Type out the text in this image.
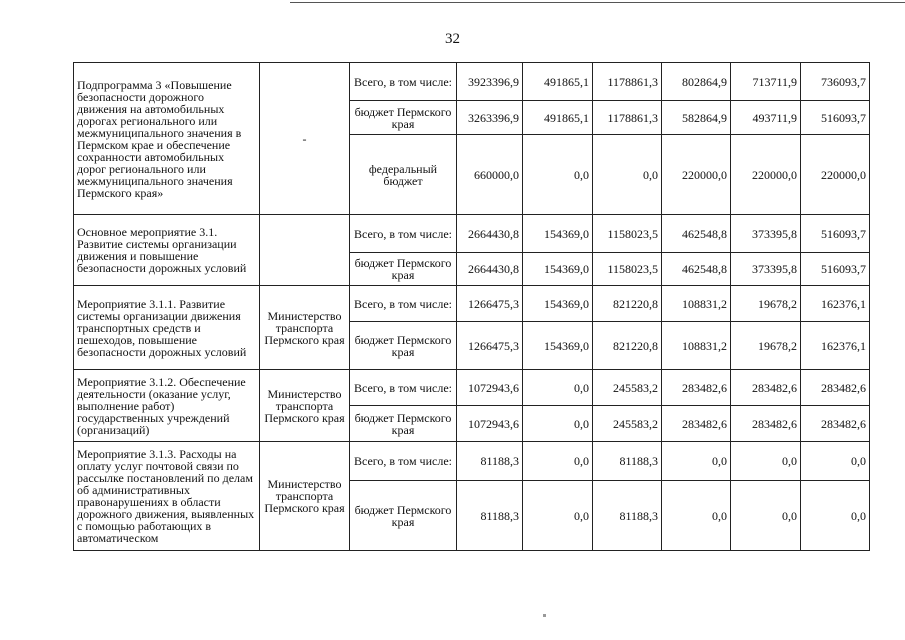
32
Подпрограмма 3 «Повышение безопасности дорожного движения на автомобильных дорогах регионального или межмуниципального значения в Пермском крае и обеспечение сохранности автомобильных дорог регионального или межмуниципального значения Пермского края»	-	Всего, в том числе:	3923396,9	491865,1	1178861,3	802864,9	713711,9	736093,7
		бюджет Пермского края	3263396,9	491865,1	1178861,3	582864,9	493711,9	516093,7
		федеральный бюджет	660000,0	0,0	0,0	220000,0	220000,0	220000,0
Основное мероприятие 3.1. Развитие системы организации движения и повышение безопасности дорожных условий		Всего, в том числе:	2664430,8	154369,0	1158023,5	462548,8	373395,8	516093,7
		бюджет Пермского края	2664430,8	154369,0	1158023,5	462548,8	373395,8	516093,7
Мероприятие 3.1.1. Развитие системы организации движения транспортных средств и пешеходов, повышение безопасности дорожных условий	Министерство транспорта Пермского края	Всего, в том числе:	1266475,3	154369,0	821220,8	108831,2	19678,2	162376,1
		бюджет Пермского края	1266475,3	154369,0	821220,8	108831,2	19678,2	162376,1
Мероприятие 3.1.2. Обеспечение деятельности (оказание услуг, выполнение работ) государственных учреждений (организаций)	Министерство транспорта Пермского края	Всего, в том числе:	1072943,6	0,0	245583,2	283482,6	283482,6	283482,6
		бюджет Пермского края	1072943,6	0,0	245583,2	283482,6	283482,6	283482,6
Мероприятие 3.1.3. Расходы на оплату услуг почтовой связи по рассылке постановлений по делам об административных правонарушениях в области дорожного движения, выявленных с помощью работающих в автоматическом	Министерство транспорта Пермского края	Всего, в том числе:	81188,3	0,0	81188,3	0,0	0,0	0,0
		бюджет Пермского края	81188,3	0,0	81188,3	0,0	0,0	0,0
